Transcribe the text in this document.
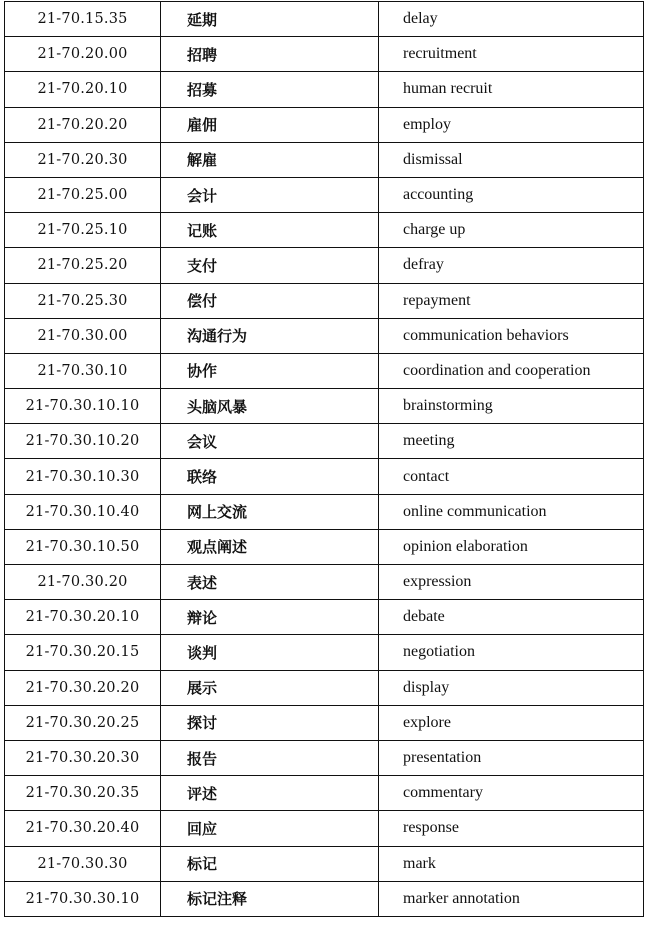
21-70.15.35	延期	delay
21-70.20.00	招聘	recruitment
21-70.20.10	招募	human recruit
21-70.20.20	雇佣	employ
21-70.20.30	解雇	dismissal
21-70.25.00	会计	accounting
21-70.25.10	记账	charge up
21-70.25.20	支付	defray
21-70.25.30	偿付	repayment
21-70.30.00	沟通行为	communication behaviors
21-70.30.10	协作	coordination and cooperation
21-70.30.10.10	头脑风暴	brainstorming
21-70.30.10.20	会议	meeting
21-70.30.10.30	联络	contact
21-70.30.10.40	网上交流	online communication
21-70.30.10.50	观点阐述	opinion elaboration
21-70.30.20	表述	expression
21-70.30.20.10	辩论	debate
21-70.30.20.15	谈判	negotiation
21-70.30.20.20	展示	display
21-70.30.20.25	探讨	explore
21-70.30.20.30	报告	presentation
21-70.30.20.35	评述	commentary
21-70.30.20.40	回应	response
21-70.30.30	标记	mark
21-70.30.30.10	标记注释	marker annotation
